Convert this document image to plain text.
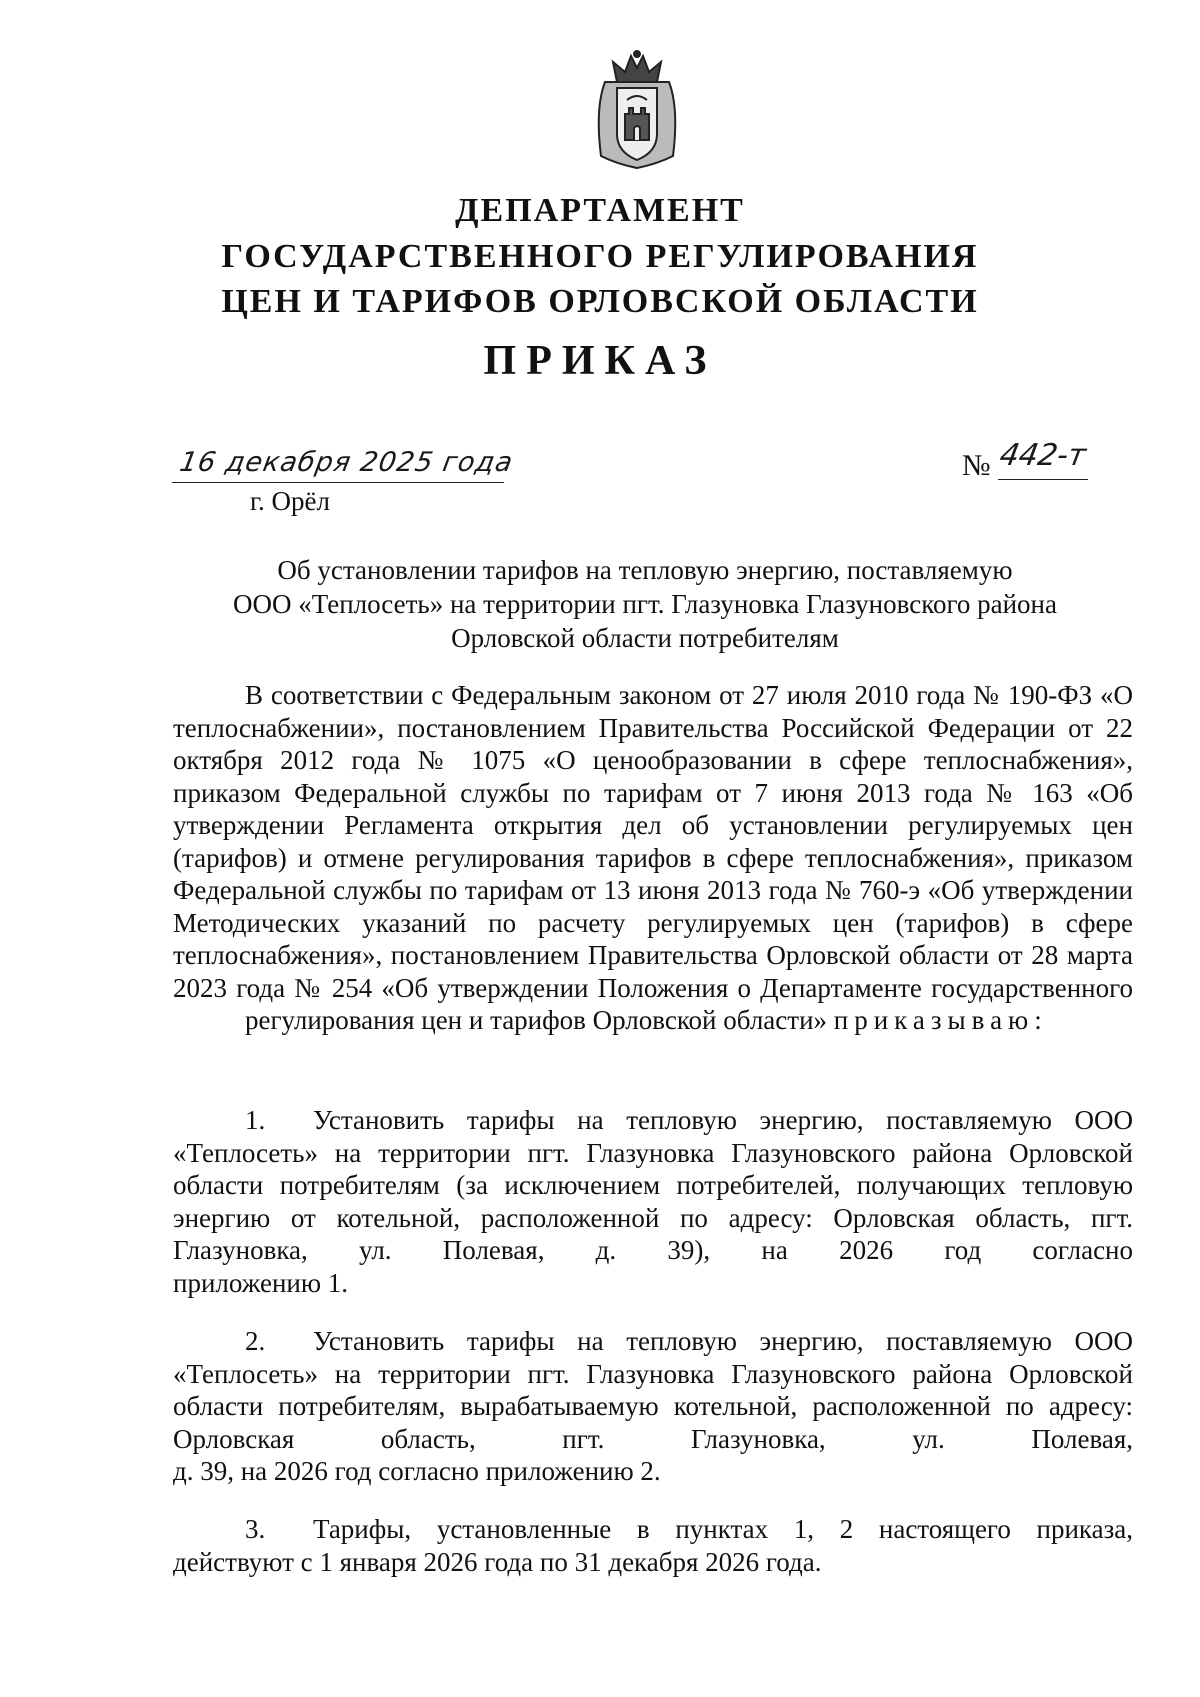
ДЕПАРТАМЕНТ
ГОСУДАРСТВЕННОГО РЕГУЛИРОВАНИЯ
ЦЕН И ТАРИФОВ ОРЛОВСКОЙ ОБЛАСТИ
ПРИКАЗ
16 декабря 2025 года	№ 442-т
г. Орёл
Об установлении тарифов на тепловую энергию, поставляемую
ООО «Теплосеть» на территории пгт. Глазуновка Глазуновского района
Орловской области потребителям
В соответствии с Федеральным законом от 27 июля 2010 года № 190-ФЗ «О теплоснабжении», постановлением Правительства Российской Федерации от 22 октября 2012 года № 1075 «О ценообразовании в сфере теплоснабжения», приказом Федеральной службы по тарифам от 7 июня 2013 года № 163 «Об утверждении Регламента открытия дел об установлении регулируемых цен (тарифов) и отмене регулирования тарифов в сфере теплоснабжения», приказом Федеральной службы по тарифам от 13 июня 2013 года № 760-э «Об утверждении Методических указаний по расчету регулируемых цен (тарифов) в сфере теплоснабжения», постановлением Правительства Орловской области от 28 марта 2023 года № 254 «Об утверждении Положения о Департаменте государственного
регулирования цен и тарифов Орловской области» приказываю:
1. Установить тарифы на тепловую энергию, поставляемую ООО «Теплосеть» на территории пгт. Глазуновка Глазуновского района Орловской области потребителям (за исключением потребителей, получающих тепловую энергию от котельной, расположенной по адресу: Орловская область, пгт. Глазуновка, ул. Полевая, д. 39), на 2026 год согласно
приложению 1.
2. Установить тарифы на тепловую энергию, поставляемую ООО «Теплосеть» на территории пгт. Глазуновка Глазуновского района Орловской области потребителям, вырабатываемую котельной, расположенной по адресу: Орловская область, пгт. Глазуновка, ул. Полевая,
д. 39, на 2026 год согласно приложению 2.
3. Тарифы, установленные в пунктах 1, 2 настоящего приказа,
действуют с 1 января 2026 года по 31 декабря 2026 года.
